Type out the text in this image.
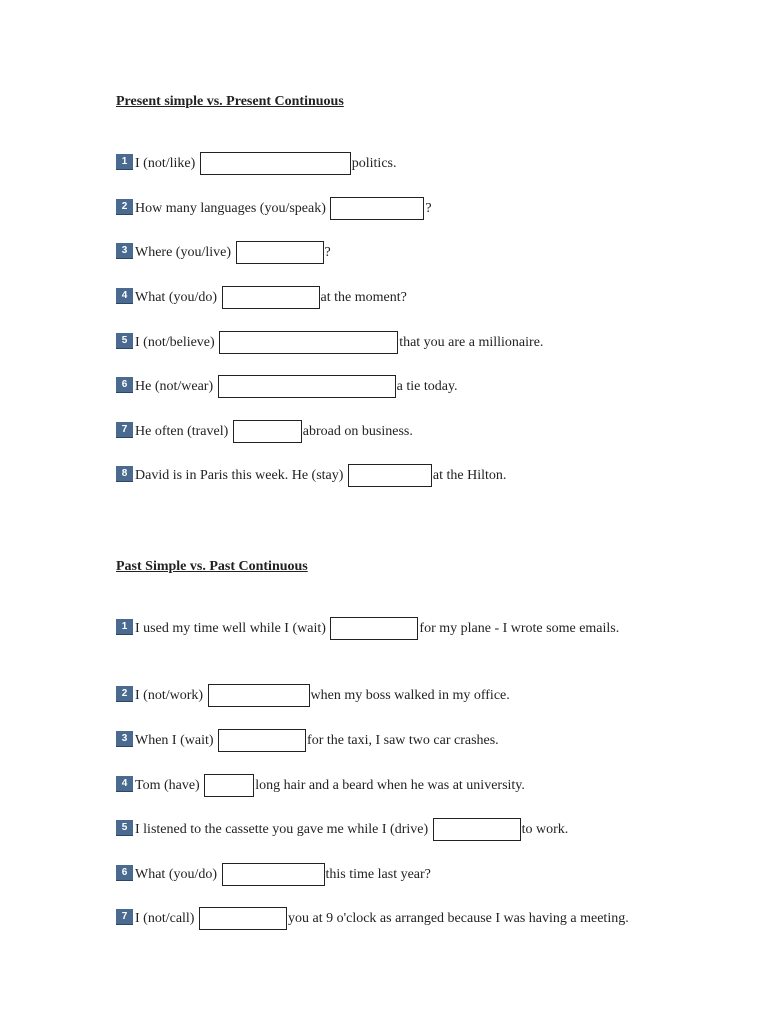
Present simple vs. Present Continuous
1 I (not/like)	politics.
2 How many languages (you/speak)	?
3 Where (you/live)	?
4 What (you/do)	at the moment?
5 I (not/believe)	that you are a millionaire.
6 He (not/wear)	a tie today.
7 He often (travel)	abroad on business.
8 David is in Paris this week. He (stay)	at the Hilton.
Past Simple vs. Past Continuous
1 I used my time well while I (wait)	for my plane - I wrote some emails.
2 I (not/work)	when my boss walked in my office.
3 When I (wait)	for the taxi, I saw two car crashes.
4 Tom (have)	long hair and a beard when he was at university.
5 I listened to the cassette you gave me while I (drive)	to work.
6 What (you/do)	this time last year?
7 I (not/call)	you at 9 o'clock as arranged because I was having a meeting.
